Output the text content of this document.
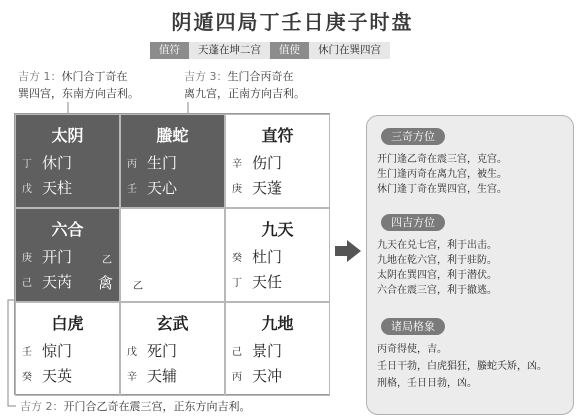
阴遁四局丁壬日庚子时盘
值符	天蓬在坤二宫	值使	休门在巽四宫
吉方 1：休门合丁奇在
巽四宫，东南方向吉利。
吉方 3：生门合丙奇在
离九宫，正南方向吉利。
吉方 2：开门合乙奇在震三宫，正东方向吉利。
太阴
丁 休门
戊 天柱
螣蛇
丙 生门
壬 天心
直符
辛 伤门
庚 天蓬
六合
庚 开门
己 天芮
乙
禽 乙
九天
癸 杜门
丁 天任
白虎
壬 惊门
癸 天英
玄武
戊 死门
辛 天辅
九地
己 景门
丙 天冲
三奇方位
开门逢乙奇在震三宫，克宫。
生门逢丙奇在离九宫，被生。
休门逢丁奇在巽四宫，生宫。
四吉方位
九天在兑七宫，利于出击。
九地在乾六宫，利于驻防。
太阴在巽四宫，利于潜伏。
六合在震三宫，利于撤逃。
诸局格象
丙奇得使，吉。
壬日干勃，白虎猖狂，螣蛇夭矫，凶。
刑格，壬日日勃，凶。
